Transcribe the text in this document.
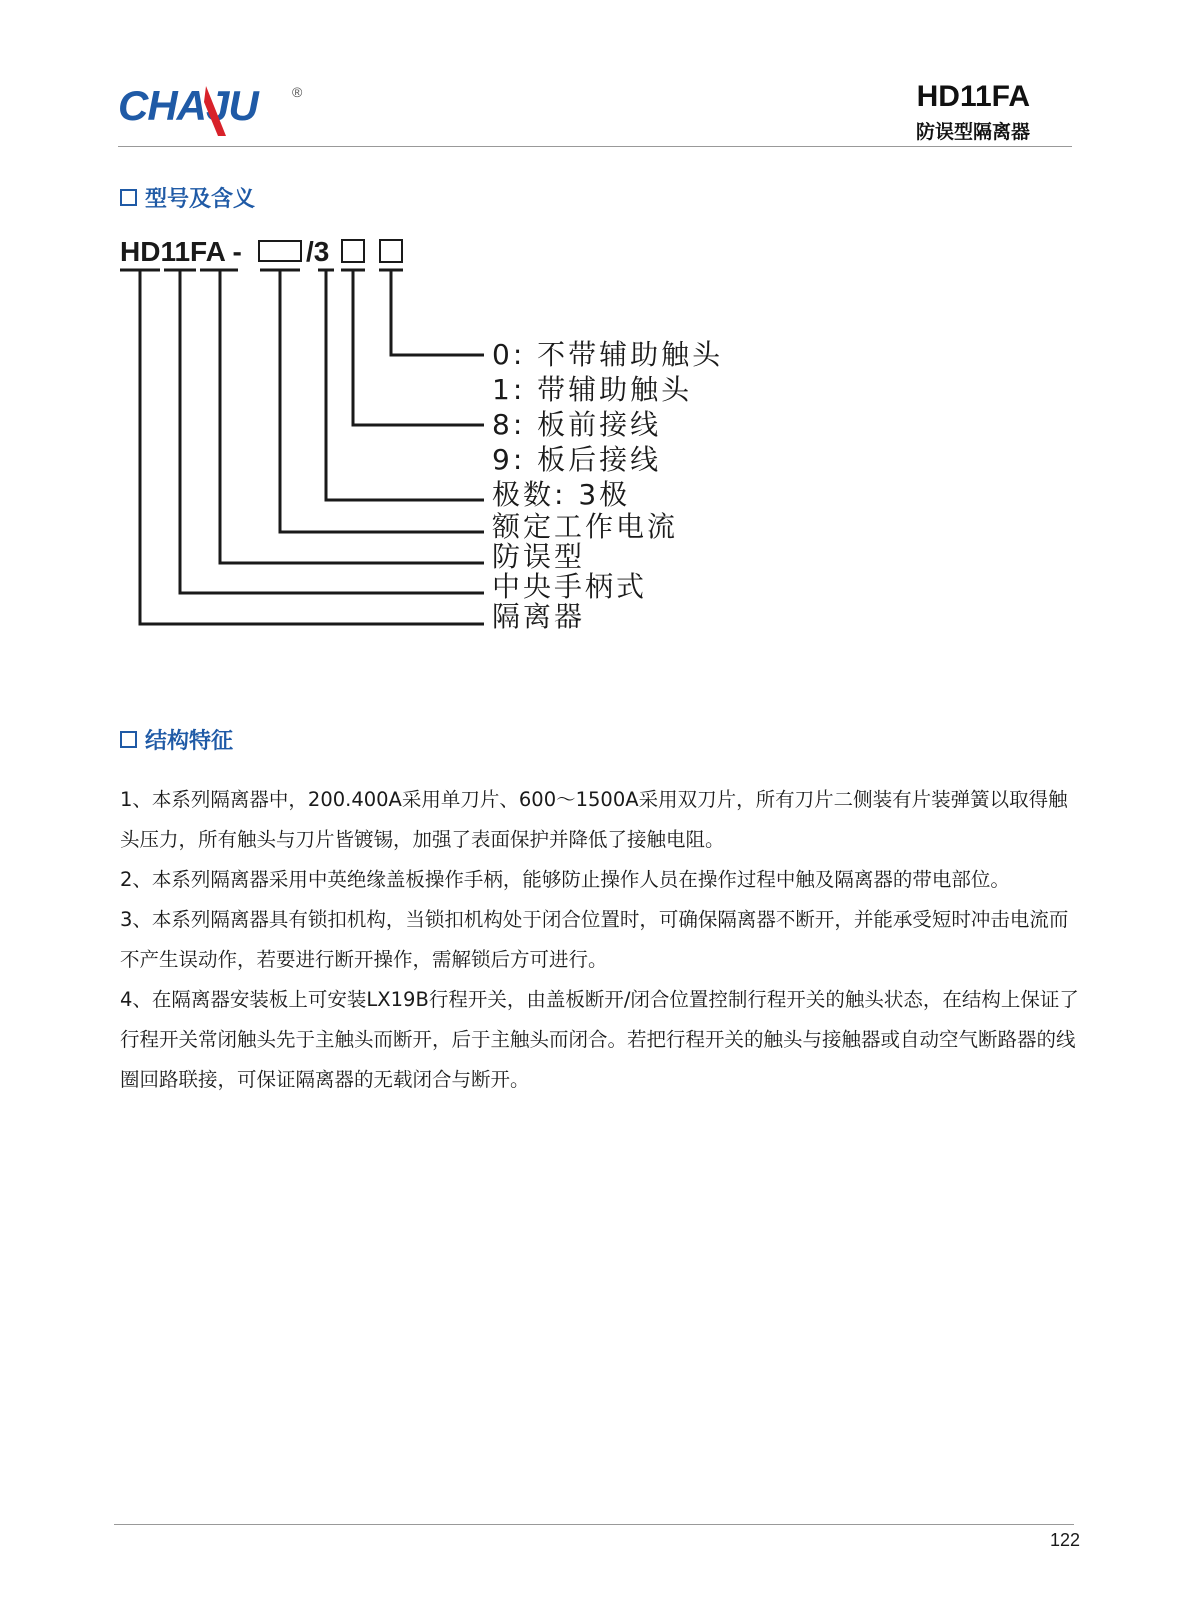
CHAJU ®	HD11FA
防误型隔离器
型号及含义
HD11FA - /3
0: 不带辅助触头
1: 带辅助触头
8: 板前接线
9: 板后接线
极数: 3极
额定工作电流
防误型
中央手柄式
隔离器
结构特征

1、本系列隔离器中，200.400A采用单刀片、600～1500A采用双刀片，所有刀片二侧装有片装弹簧以取得触头压力，所有触头与刀片皆镀锡，加强了表面保护并降低了接触电阻。

2、本系列隔离器采用中英绝缘盖板操作手柄，能够防止操作人员在操作过程中触及隔离器的带电部位。

3、本系列隔离器具有锁扣机构，当锁扣机构处于闭合位置时，可确保隔离器不断开，并能承受短时冲击电流而不产生误动作，若要进行断开操作，需解锁后方可进行。

4、在隔离器安装板上可安装LX19B行程开关，由盖板断开/闭合位置控制行程开关的触头状态，在结构上保证了行程开关常闭触头先于主触头而断开，后于主触头而闭合。若把行程开关的触头与接触器或自动空气断路器的线圈回路联接，可保证隔离器的无载闭合与断开。

122
